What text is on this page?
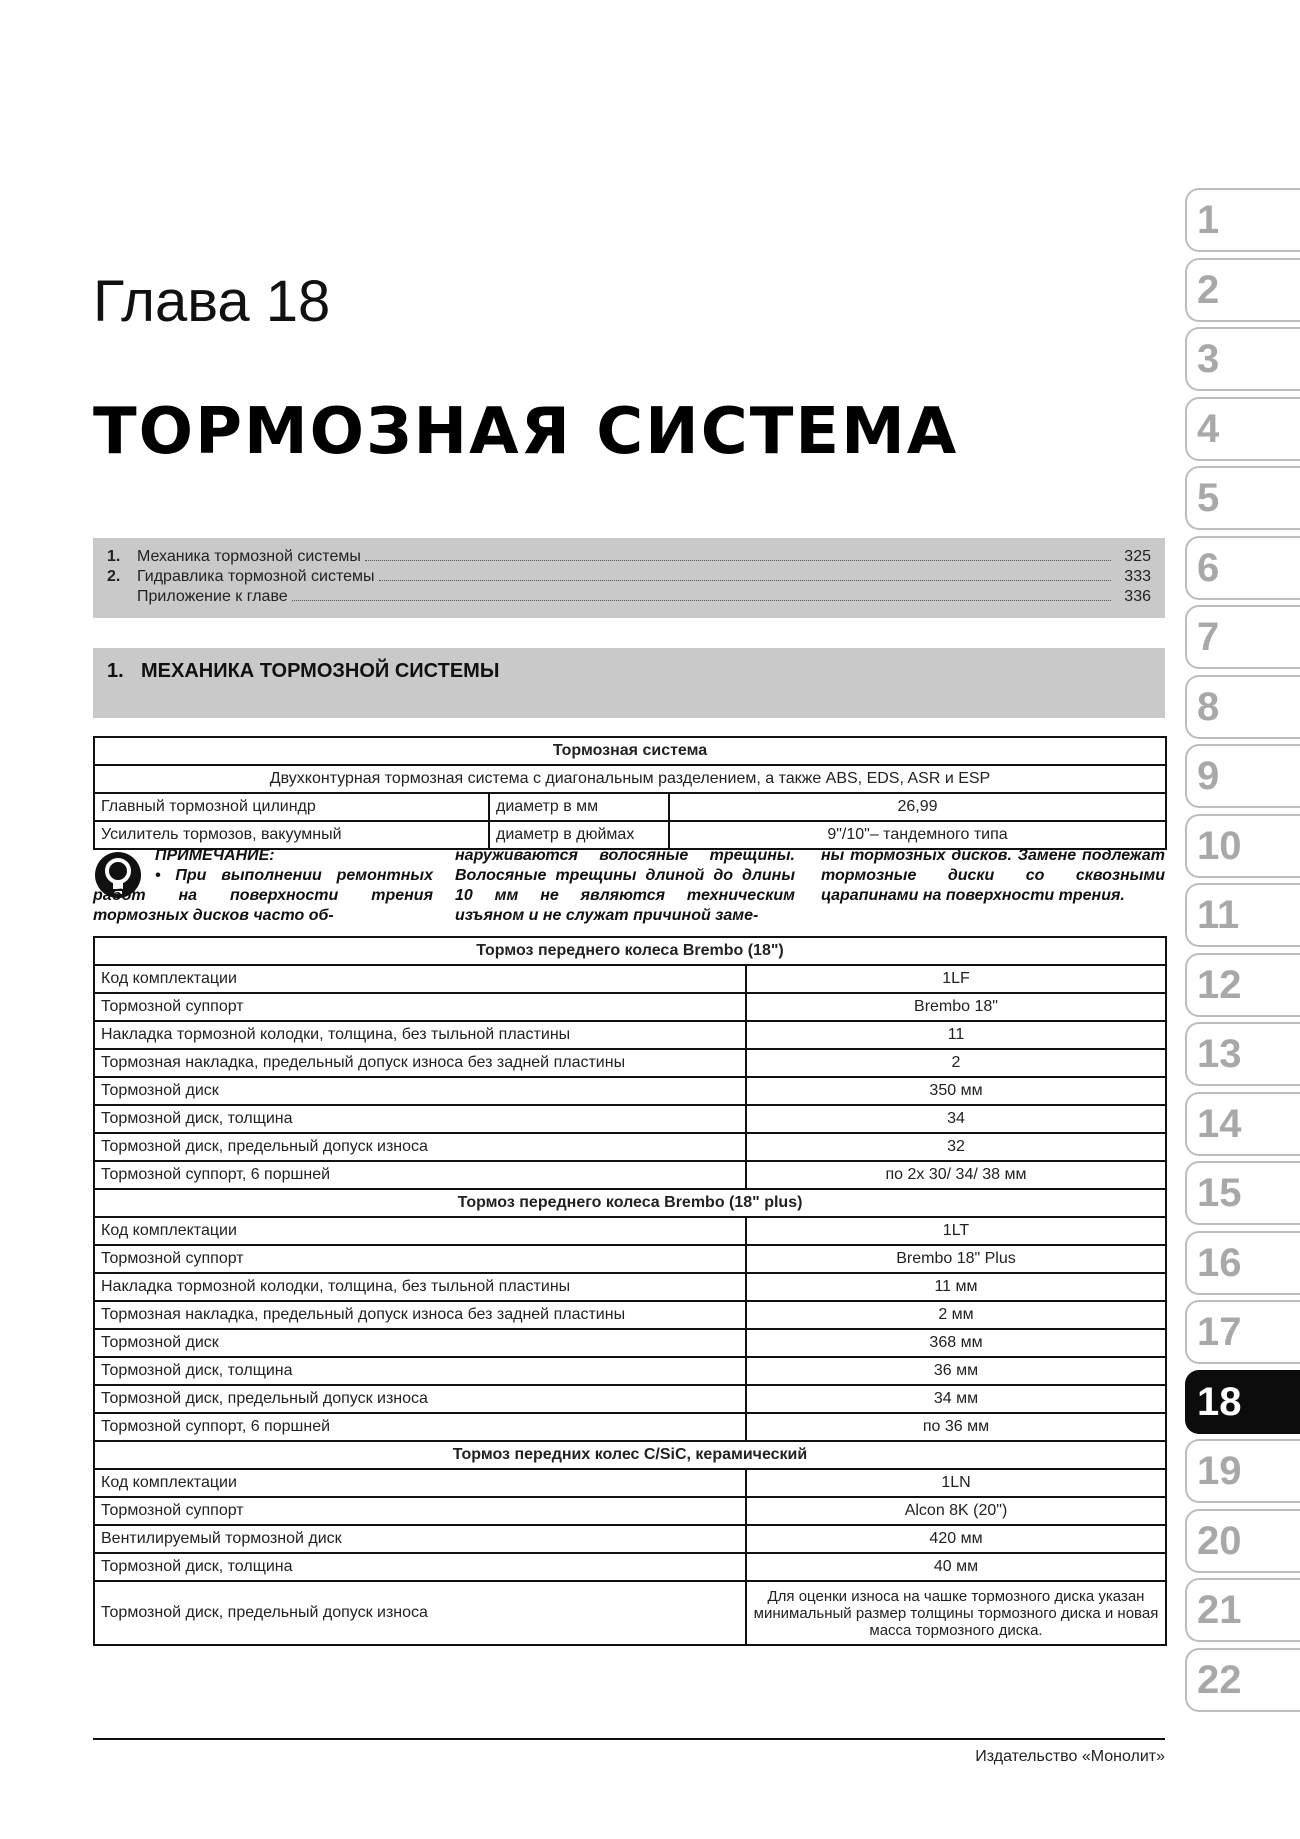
Глава 18
ТОРМОЗНАЯ СИСТЕМА
1.	Механика тормозной системы	325
2.	Гидравлика тормозной системы	333
Приложение к главе	336
1. МЕХАНИКА ТОРМОЗНОЙ СИСТЕМЫ
Тормозная система		
Двухконтурная тормозная система с диагональным разделением, а также ABS, EDS, ASR и ESP		
Главный тормозной цилиндр	диаметр в мм	26,99
Усилитель тормозов, вакуумный	диаметр в дюймах	9"/10"– тандемного типа
ПРИМЕЧАНИЕ:
• При выполнении ремонтных работ на поверхности трения тормозных дисков часто об-
наруживаются волосяные трещины. Волосяные трещины длиной до длины 10 мм не являются техническим изъяном и не служат причиной заме-
ны тормозных дисков. Замене подлежат тормозные диски со сквозными царапинами на поверхности трения.
Тормоз переднего колеса Brembo (18")	
Код комплектации	1LF
Тормозной суппорт	Brembo 18"
Накладка тормозной колодки, толщина, без тыльной пластины	11
Тормозная накладка, предельный допуск износа без задней пластины	2
Тормозной диск	350 мм
Тормозной диск, толщина	34
Тормозной диск, предельный допуск износа	32
Тормозной суппорт, 6 поршней	по 2x 30/ 34/ 38 мм
Тормоз переднего колеса Brembo (18" plus)	
Код комплектации	1LT
Тормозной суппорт	Brembo 18" Plus
Накладка тормозной колодки, толщина, без тыльной пластины	11 мм
Тормозная накладка, предельный допуск износа без задней пластины	2 мм
Тормозной диск	368 мм
Тормозной диск, толщина	36 мм
Тормозной диск, предельный допуск износа	34 мм
Тормозной суппорт, 6 поршней	по 36 мм
Тормоз передних колес C/SiC, керамический	
Код комплектации	1LN
Тормозной суппорт	Alcon 8K (20")
Вентилируемый тормозной диск	420 мм
Тормозной диск, толщина	40 мм
Тормозной диск, предельный допуск износа	Для оценки износа на чашке тормозного диска указан минимальный размер толщины тормозного диска и новая масса тормозного диска.
1
2
3
4
5
6
7
8
9
10
11
12
13
14
15
16
17
18
19
20
21
22
Издательство «Монолит»
